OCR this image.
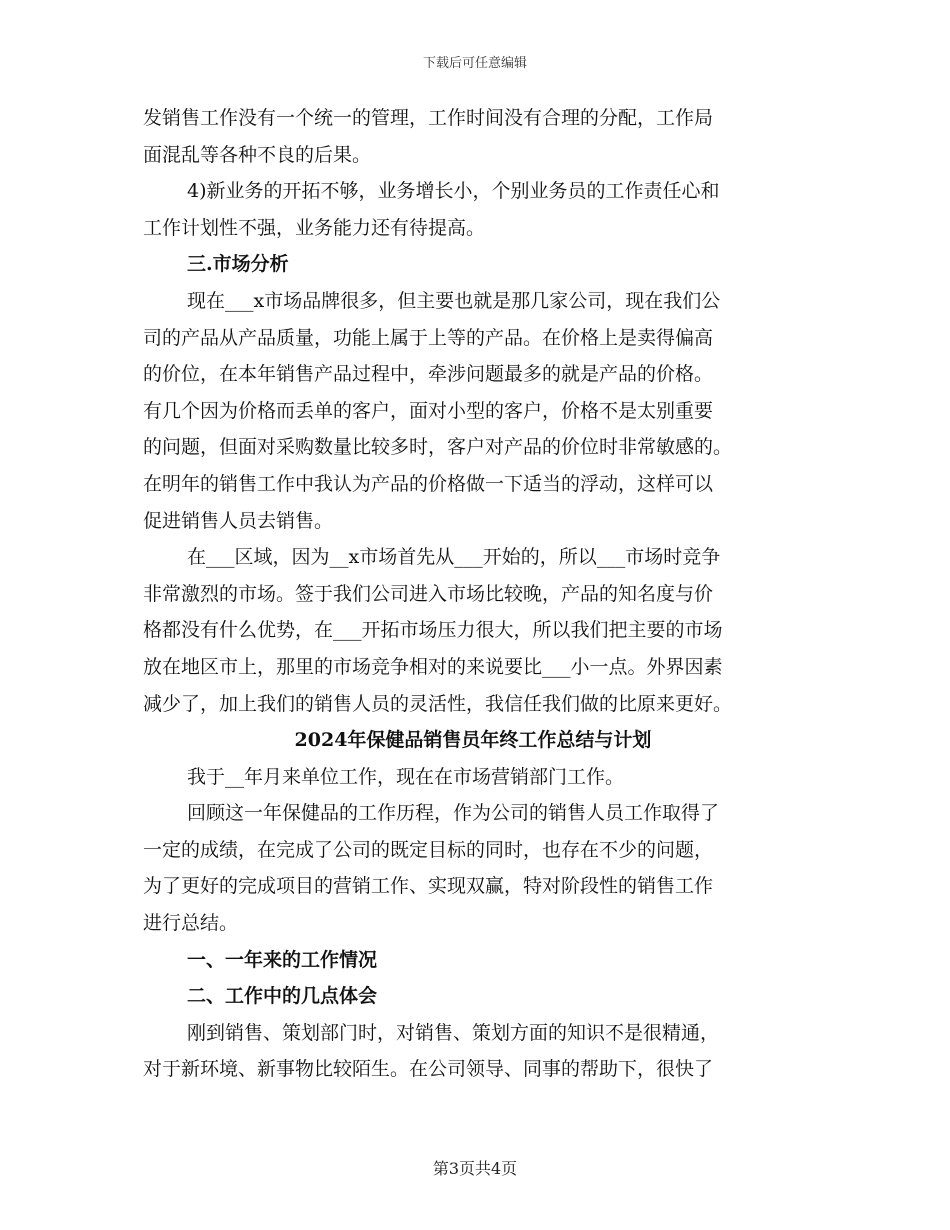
下载后可任意编辑

发销售工作没有一个统一的管理，工作时间没有合理的分配，工作局

面混乱等各种不良的后果。

4)新业务的开拓不够，业务增长小，个别业务员的工作责任心和

工作计划性不强，业务能力还有待提高。

三.市场分析

现在___x市场品牌很多，但主要也就是那几家公司，现在我们公

司的产品从产品质量，功能上属于上等的产品。在价格上是卖得偏高

的价位，在本年销售产品过程中，牵涉问题最多的就是产品的价格。

有几个因为价格而丢单的客户，面对小型的客户，价格不是太别重要

的问题，但面对采购数量比较多时，客户对产品的价位时非常敏感的。

在明年的销售工作中我认为产品的价格做一下适当的浮动，这样可以

促进销售人员去销售。

在___区域，因为__x市场首先从___开始的，所以___市场时竞争

非常激烈的市场。签于我们公司进入市场比较晚，产品的知名度与价

格都没有什么优势，在___开拓市场压力很大，所以我们把主要的市场

放在地区市上，那里的市场竞争相对的来说要比___小一点。外界因素

减少了，加上我们的销售人员的灵活性，我信任我们做的比原来更好。

2024年保健品销售员年终工作总结与计划

我于__年月来单位工作，现在在市场营销部门工作。

回顾这一年保健品的工作历程，作为公司的销售人员工作取得了

一定的成绩，在完成了公司的既定目标的同时，也存在不少的问题，

为了更好的完成项目的营销工作、实现双赢，特对阶段性的销售工作

进行总结。

一、一年来的工作情况

二、工作中的几点体会

刚到销售、策划部门时，对销售、策划方面的知识不是很精通，

对于新环境、新事物比较陌生。在公司领导、同事的帮助下，很快了

第3页共4页
